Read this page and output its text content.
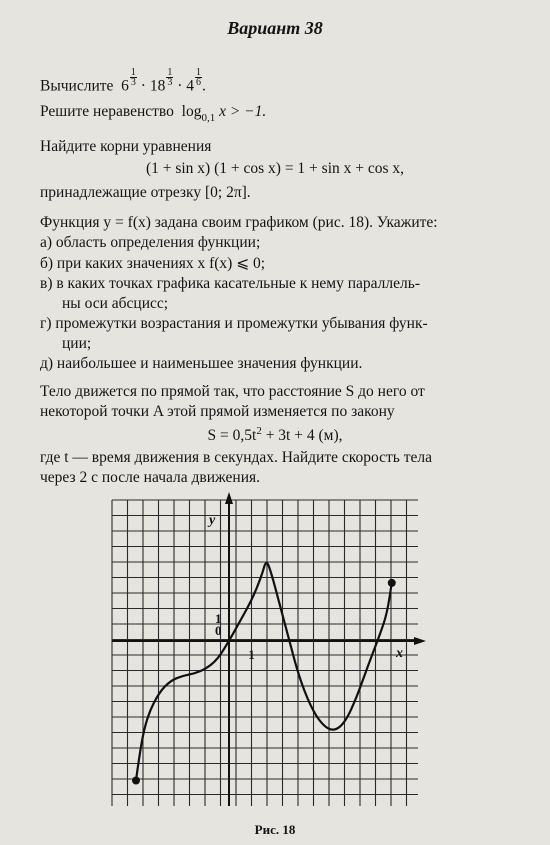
Вариант 38
Вычислите $6 \frac{1}{3} \cdot 18 \frac{1}{3} \cdot 4 \frac{1}{6}$ .
Решите неравенство $\log_{0,1} x > -1$.
Найдите корни уравнения
(1 + sin x) (1 + cos x) = 1 + sin x + cos x,
принадлежащие отрезку [0; 2π].
Функция y = f(x) задана своим графиком (рис. 18). Укажите:
а) область определения функции;
б) при каких значениях x f(x) ⩽ 0;
в) в каких точках графика касательные к нему параллель-
ны оси абсцисс;
г) промежутки возрастания и промежутки убывания функ-
ции;
д) наибольшее и наименьшее значения функции.
Тело движется по прямой так, что расстояние S до него от
некоторой точки A этой прямой изменяется по закону
$S = 0,5t^2 + 3t + 4$ (м),
где t — время движения в секундах. Найдите скорость тела
через 2 с после начала движения.
y
x
1
0
1
Рис. 18
